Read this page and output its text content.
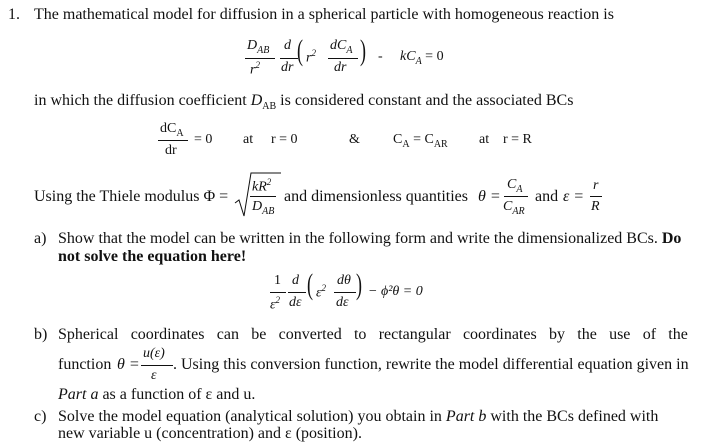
1. The mathematical model for diffusion in a spherical particle with homogeneous reaction is
$D_{AB}$
$r^2$
d
dr
( $r^2$ $dC_A$
dr
) - $kC_A = 0$
in which the diffusion coefficient $D_{AB}$ is considered constant and the associated BCs
$dC_A$
dr
= 0 at r = 0	& $C_A = C_{AR}$ at r = R
Using the Thiele modulus Φ =
$kR^2$
$D_{AB}$
and dimensionless quantities θ =
$C_A$
$C_{AR}$
and ε =
r
R
a) Show that the model can be written in the following form and write the dimensionalized BCs. Do
not solve the equation here!
1
$\varepsilon^2$
d
dε
( $\varepsilon^2$ dθ
dε
) − ϕ²θ = 0
b) Spherical coordinates can be converted to rectangular coordinates by the use of the
function θ =
u(ε)
ε
. Using this conversion function, rewrite the model differential equation given in
Part a as a function of ε and u.
c) Solve the model equation (analytical solution) you obtain in Part b with the BCs defined with
new variable u (concentration) and ε (position).
